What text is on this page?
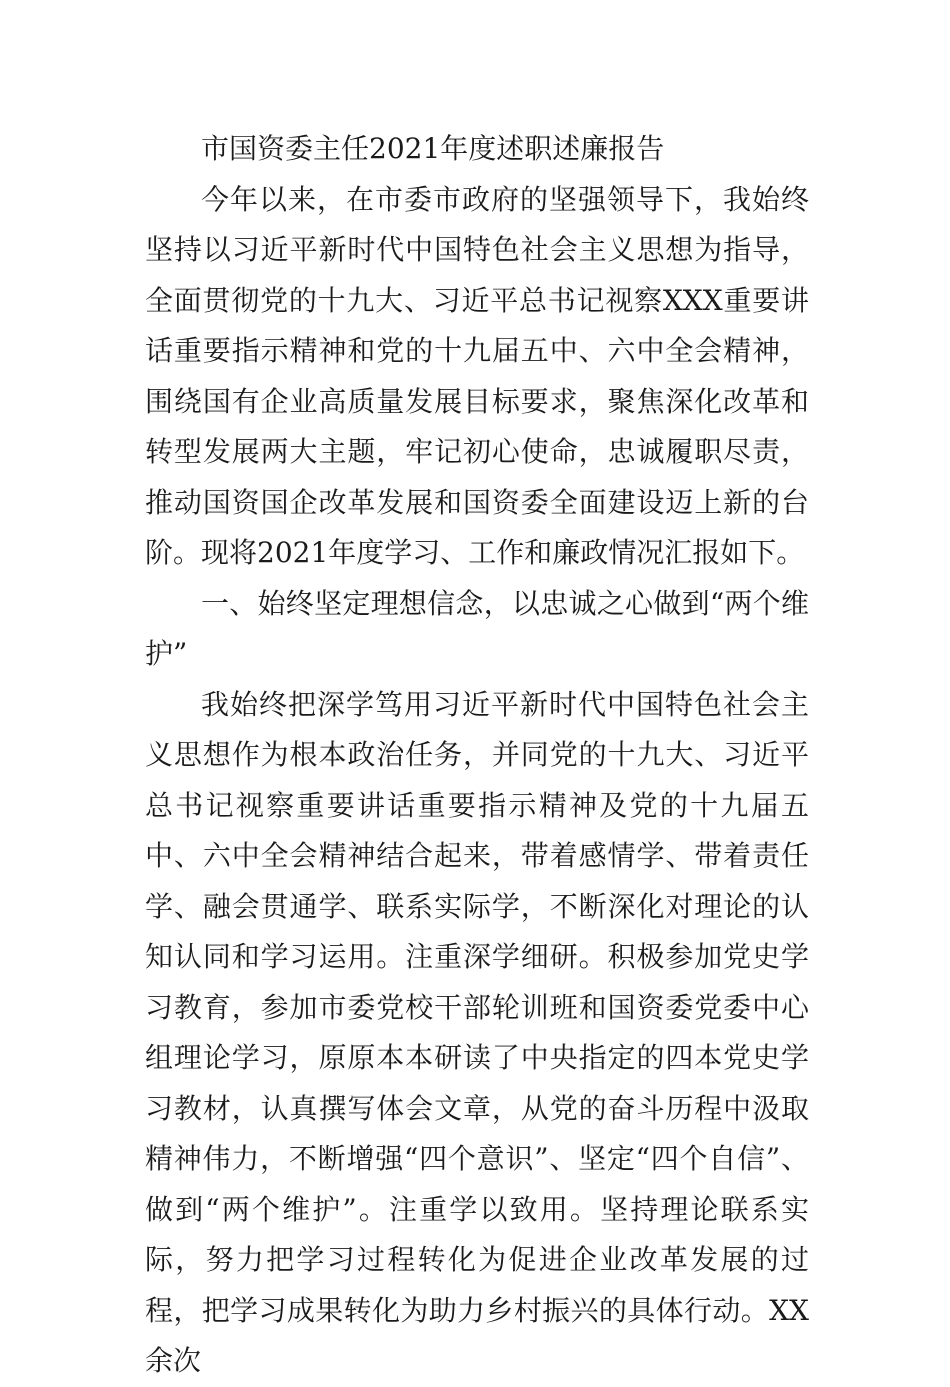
市国资委主任2021年度述职述廉报告

今年以来，在市委市政府的坚强领导下，我始终坚持以习近平新时代中国特色社会主义思想为指导，全面贯彻党的十九大、习近平总书记视察XXX重要讲话重要指示精神和党的十九届五中、六中全会精神，围绕国有企业高质量发展目标要求，聚焦深化改革和转型发展两大主题，牢记初心使命，忠诚履职尽责，推动国资国企改革发展和国资委全面建设迈上新的台阶。现将2021年度学习、工作和廉政情况汇报如下。

一、始终坚定理想信念，以忠诚之心做到“两个维护”

我始终把深学笃用习近平新时代中国特色社会主义思想作为根本政治任务，并同党的十九大、习近平总书记视察重要讲话重要指示精神及党的十九届五中、六中全会精神结合起来，带着感情学、带着责任学、融会贯通学、联系实际学，不断深化对理论的认知认同和学习运用。注重深学细研。积极参加党史学习教育，参加市委党校干部轮训班和国资委党委中心组理论学习，原原本本研读了中央指定的四本党史学习教材，认真撰写体会文章，从党的奋斗历程中汲取精神伟力，不断增强“四个意识”、坚定“四个自信”、做到“两个维护”。注重学以致用。坚持理论联系实际，努力把学习过程转化为促进企业改革发展的过程，把学习成果转化为助力乡村振兴的具体行动。XX余次
